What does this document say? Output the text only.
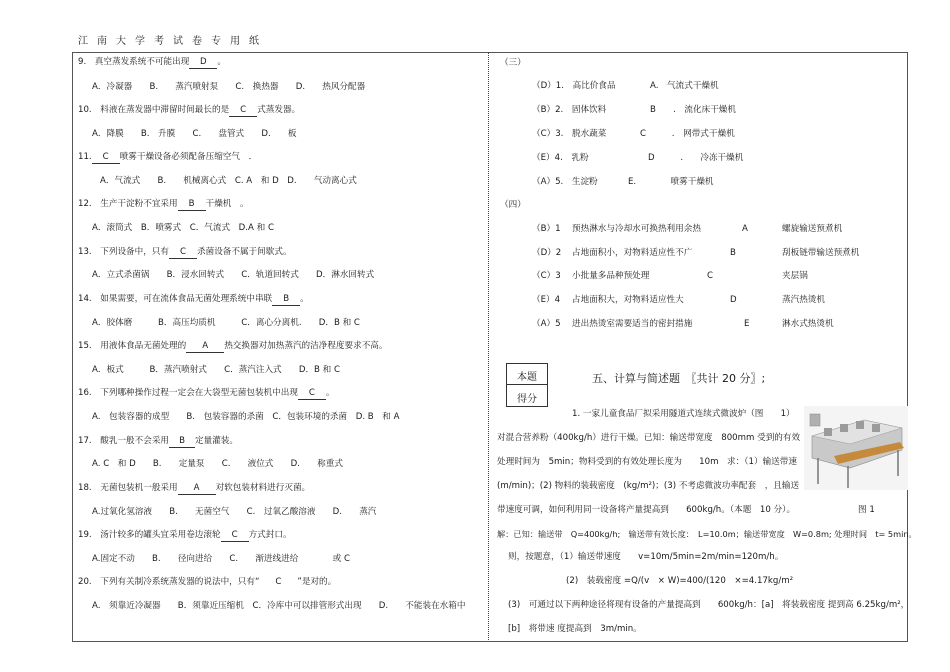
江南大学考试卷专用纸
9.　真空蒸发系统不可能出现 D 。
A．冷凝器　　B.　　蒸汽喷射泵　　C.　换热器　　D.　　热风分配器
10.　料液在蒸发器中滞留时间最长的是 C 式蒸发器。
A．降膜　　B.　升膜　　C.　　盘管式　　D.　　板
11. C 喷雾干燥设备必须配备压缩空气　．
A．气流式　　B.　　机械离心式　C. A　和 D　D.　　气动离心式
12.　生产干淀粉不宜采用 B 干燥机　。
A．滚筒式　B．喷雾式　C．气流式　D.A 和 C
13.　下列设备中，只有 C 杀菌设备不属于间歇式。
A．立式杀菌锅　　B．浸水回转式　　C．轨道回转式　　D．淋水回转式
14.　如果需要，可在流体食品无菌处理系统中串联 B 。
A．胶体磨　　　B．高压均质机　　　C．离心分离机.　　D．B 和 C
15.　用液体食品无菌处理的 A 热交换器对加热蒸汽的洁净程度要求不高。
A．板式　　　B．蒸汽喷射式　　C．蒸汽注入式　　D．B 和 C
16.　下列哪种操作过程一定会在大袋型无菌包装机中出现 C 。
A.　包装容器的成型　　B.　包装容器的杀菌　C．包装环境的杀菌　D. B　和 A
17.　酸乳一般不会采用 B 定量灌装。
A. C　和 D　　B.　　定量泵　　C.　　液位式　　D.　　称重式
18.　无菌包装机一般采用 A 对软包装材料进行灭菌。
A.过氧化氢溶液　　B.　　无菌空气　　C.　过氧乙酸溶液　　D.　　蒸汽
19.　汤汁较多的罐头宜采用卷边滚轮 C 方式封口。
A.固定不动　　B.　　径向进给　　C.　　渐进线进给　　　　或 C
20.　下列有关制冷系统蒸发器的说法中，只有“ C ”是对的。
A.　须靠近冷凝器　　B．须靠近压缩机　C．冷库中可以排管形式出现　　D.　　不能装在水箱中
（三）
（D）1.　高比价食品	A.　气流式干燥机
（B）2.　固体饮料	B　　.　流化床干燥机
（C）3.　脱水蔬菜	C　　　.　网带式干燥机
（E）4.　乳粉	D　　　.　　冷冻干燥机
（A）5.　生淀粉	E.　　　　喷雾干燥机
（四）
（B）1 预热淋水与冷却水可换热利用余热	A	螺旋输送预煮机
（D）2 占地面积小，对物料适应性不广	B	刮板链带输送预煮机
（C）3 小批量多品种预处理	C	夹层锅
（E）4 占地面积大，对物料适应性大	D	蒸汽热烫机
（A）5 进出热烫室需要适当的密封措施	E	淋水式热烫机
本题
得分
五、计算与简述题　〖共计 20 分〗;
1. 一家儿童食品厂拟采用隧道式连续式微波炉（图　　1）
对混合营养粉（400kg/h）进行干燥。已知：输送带宽度　800mm 受到的有效
处理时间为　5min；物料受到的有效处理长度为　　10m　求：（1）输送带速
(m/min)；(2) 物料的装载密度　(kg/m²)；(3) 不考虑微波功率配套　，且输送
带速度可调，如何利用同一设备将产量提高到　　600kg/h。（本题　10 分）。	图 1
解：已知：输送带　Q=400kg/h;　输送带有效长度：　L=10.0m；输送带宽度　W=0.8m; 处理时间　t= 5min。
则，按题意，（1）输送带速度　　v=10m/5min=2m/min=120m/h。
(2)　装载密度 =Q/(v　× W)=400/(120　×=4.17kg/m²
(3)　可通过以下两种途径将现有设备的产量提高到　　600kg/h：[a]　将装载密度 提到高 6.25kg/m²，
[b]　将带速 度提高到　3m/min。
